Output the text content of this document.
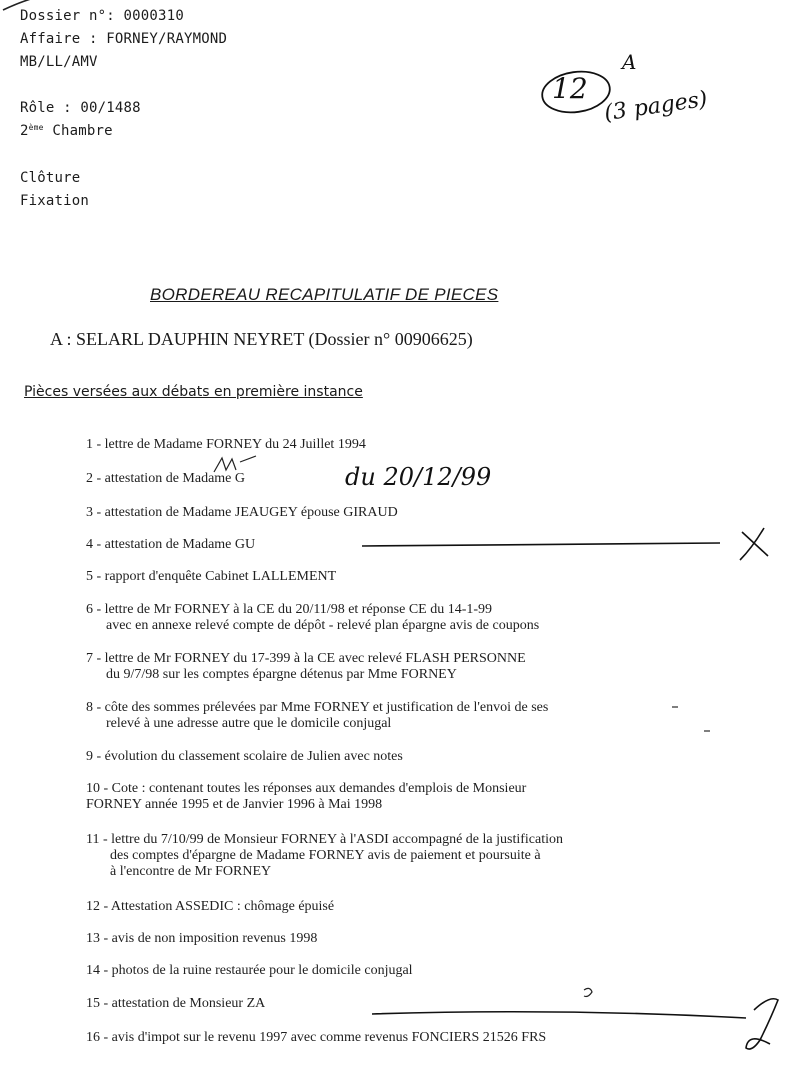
Dossier n°: 0000310
Affaire : FORNEY/RAYMOND
MB/LL/AMV
Rôle : 00/1488
2ème Chambre
Clôture
Fixation
12
A
(3 pages)
BORDEREAU RECAPITULATIF DE PIECES
A : SELARL DAUPHIN NEYRET (Dossier n° 00906625)
Pièces versées aux débats en première instance
1 - lettre de Madame FORNEY du 24 Juillet 1994
2 - attestation de Madame G	du 20/12/99
3 - attestation de Madame JEAUGEY épouse GIRAUD
4 - attestation de Madame GU
5 - rapport d'enquête Cabinet LALLEMENT
6 - lettre de Mr FORNEY à la CE du 20/11/98 et réponse CE du 14-1-99
avec en annexe relevé compte de dépôt - relevé plan épargne avis de coupons
7 - lettre de Mr FORNEY du 17-399 à la CE avec relevé FLASH PERSONNE
du 9/7/98 sur les comptes épargne détenus par Mme FORNEY
8 - côte des sommes prélevées par Mme FORNEY et justification de l'envoi de ses
relevé à une adresse autre que le domicile conjugal
9 - évolution du classement scolaire de Julien avec notes
10 - Cote : contenant toutes les réponses aux demandes d'emplois de Monsieur
FORNEY année 1995 et de Janvier 1996 à Mai 1998
11 - lettre du 7/10/99 de Monsieur FORNEY à l'ASDI accompagné de la justification
des comptes d'épargne de Madame FORNEY avis de paiement et poursuite à
à l'encontre de Mr FORNEY
12 - Attestation ASSEDIC : chômage épuisé
13 - avis de non imposition revenus 1998
14 - photos de la ruine restaurée pour le domicile conjugal
15 - attestation de Monsieur ZA
16 - avis d'impot sur le revenu 1997 avec comme revenus FONCIERS 21526 FRS
